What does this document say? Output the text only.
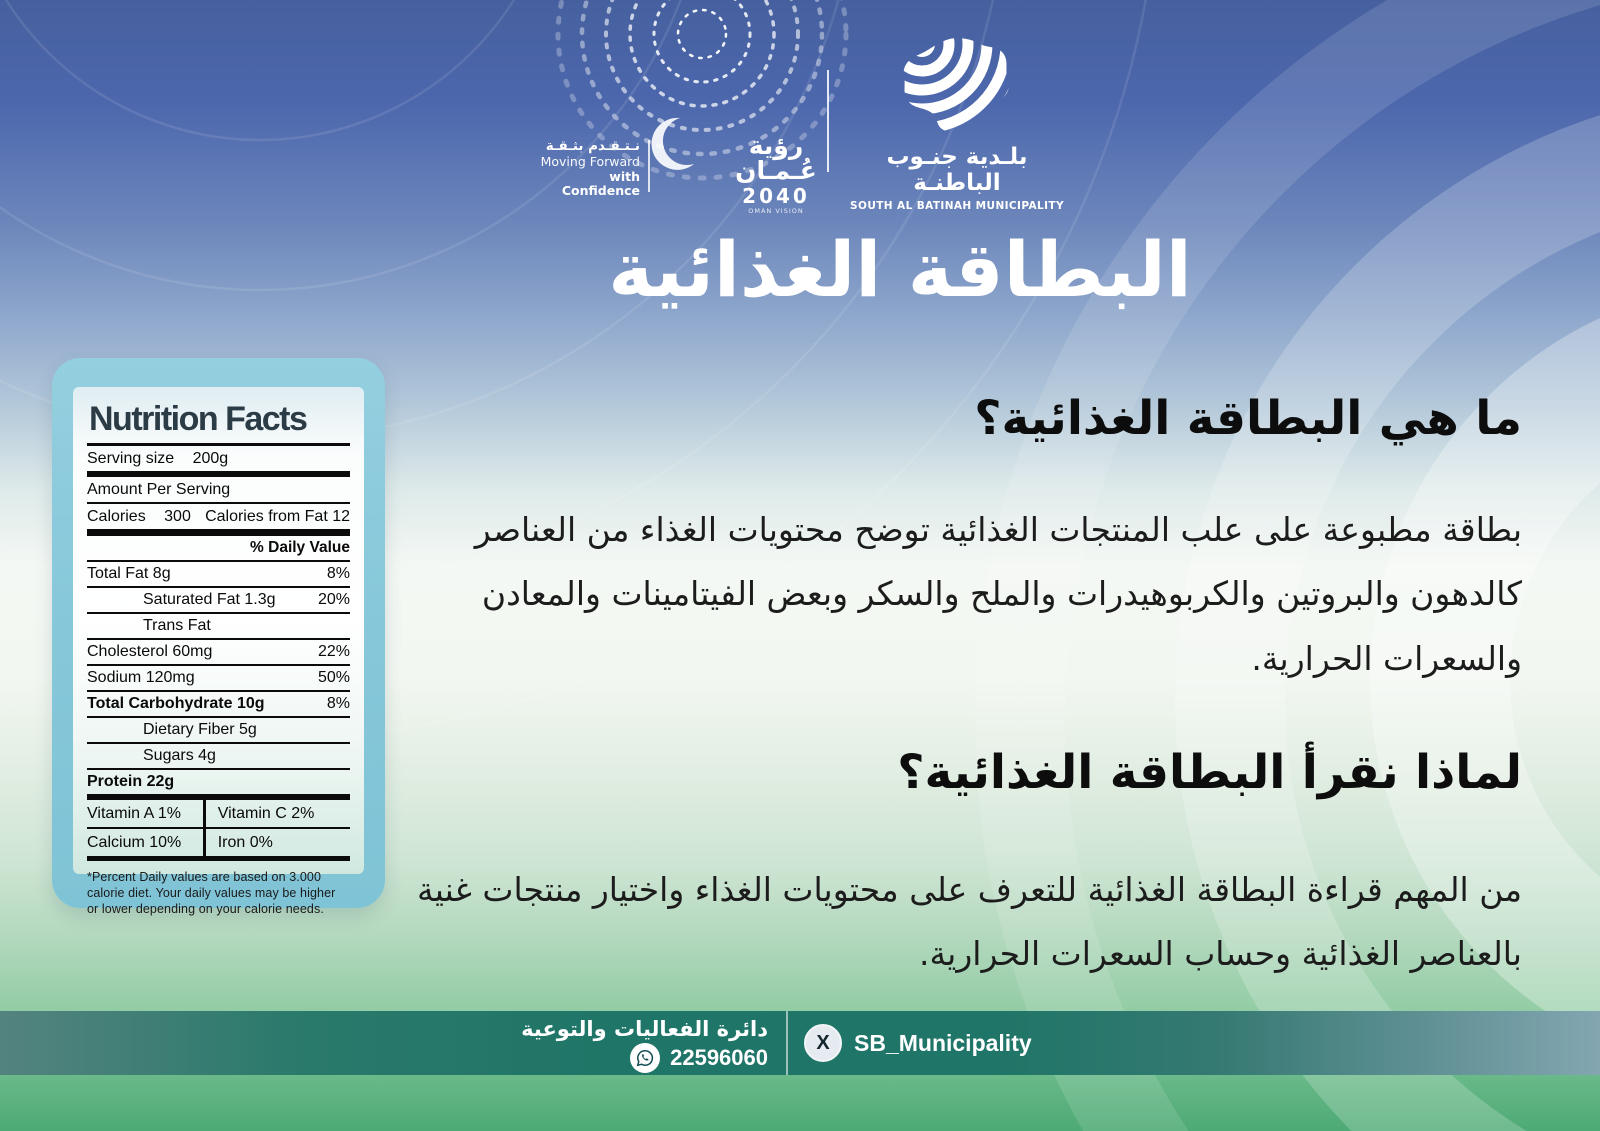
نـتـقـدم بثـقـة
Moving Forward
with Confidence
رؤية عُـمـان
2040
OMAN VISION
بلـدية جنـوب الباطنـة
SOUTH AL BATINAH MUNICIPALITY
البطاقة الغذائية
Nutrition Facts
Serving size 200g
Amount Per Serving
Calories 300 Calories from Fat 12
% Daily Value
Total Fat 8g	8%
Saturated Fat 1.3g	20%
Trans Fat
Cholesterol 60mg	22%
Sodium 120mg	50%
Total Carbohydrate 10g	8%
Dietary Fiber 5g
Sugars 4g
Protein 22g
Vitamin A 1%	Vitamin C 2%
Calcium 10%	Iron 0%
*Percent Daily values are based on 3.000 calorie diet. Your daily values may be higher or lower depending on your calorie needs.
ما هي البطاقة الغذائية؟
بطاقة مطبوعة على علب المنتجات الغذائية توضح محتويات الغذاء من العناصر كالدهون والبروتين والكربوهيدرات والملح والسكر وبعض الفيتامينات والمعادن والسعرات الحرارية.
لماذا نقرأ البطاقة الغذائية؟
من المهم قراءة البطاقة الغذائية للتعرف على محتويات الغذاء واختيار منتجات غنية بالعناصر الغذائية وحساب السعرات الحرارية.
دائرة الفعاليات والتوعية
22596060
X	SB_Municipality
